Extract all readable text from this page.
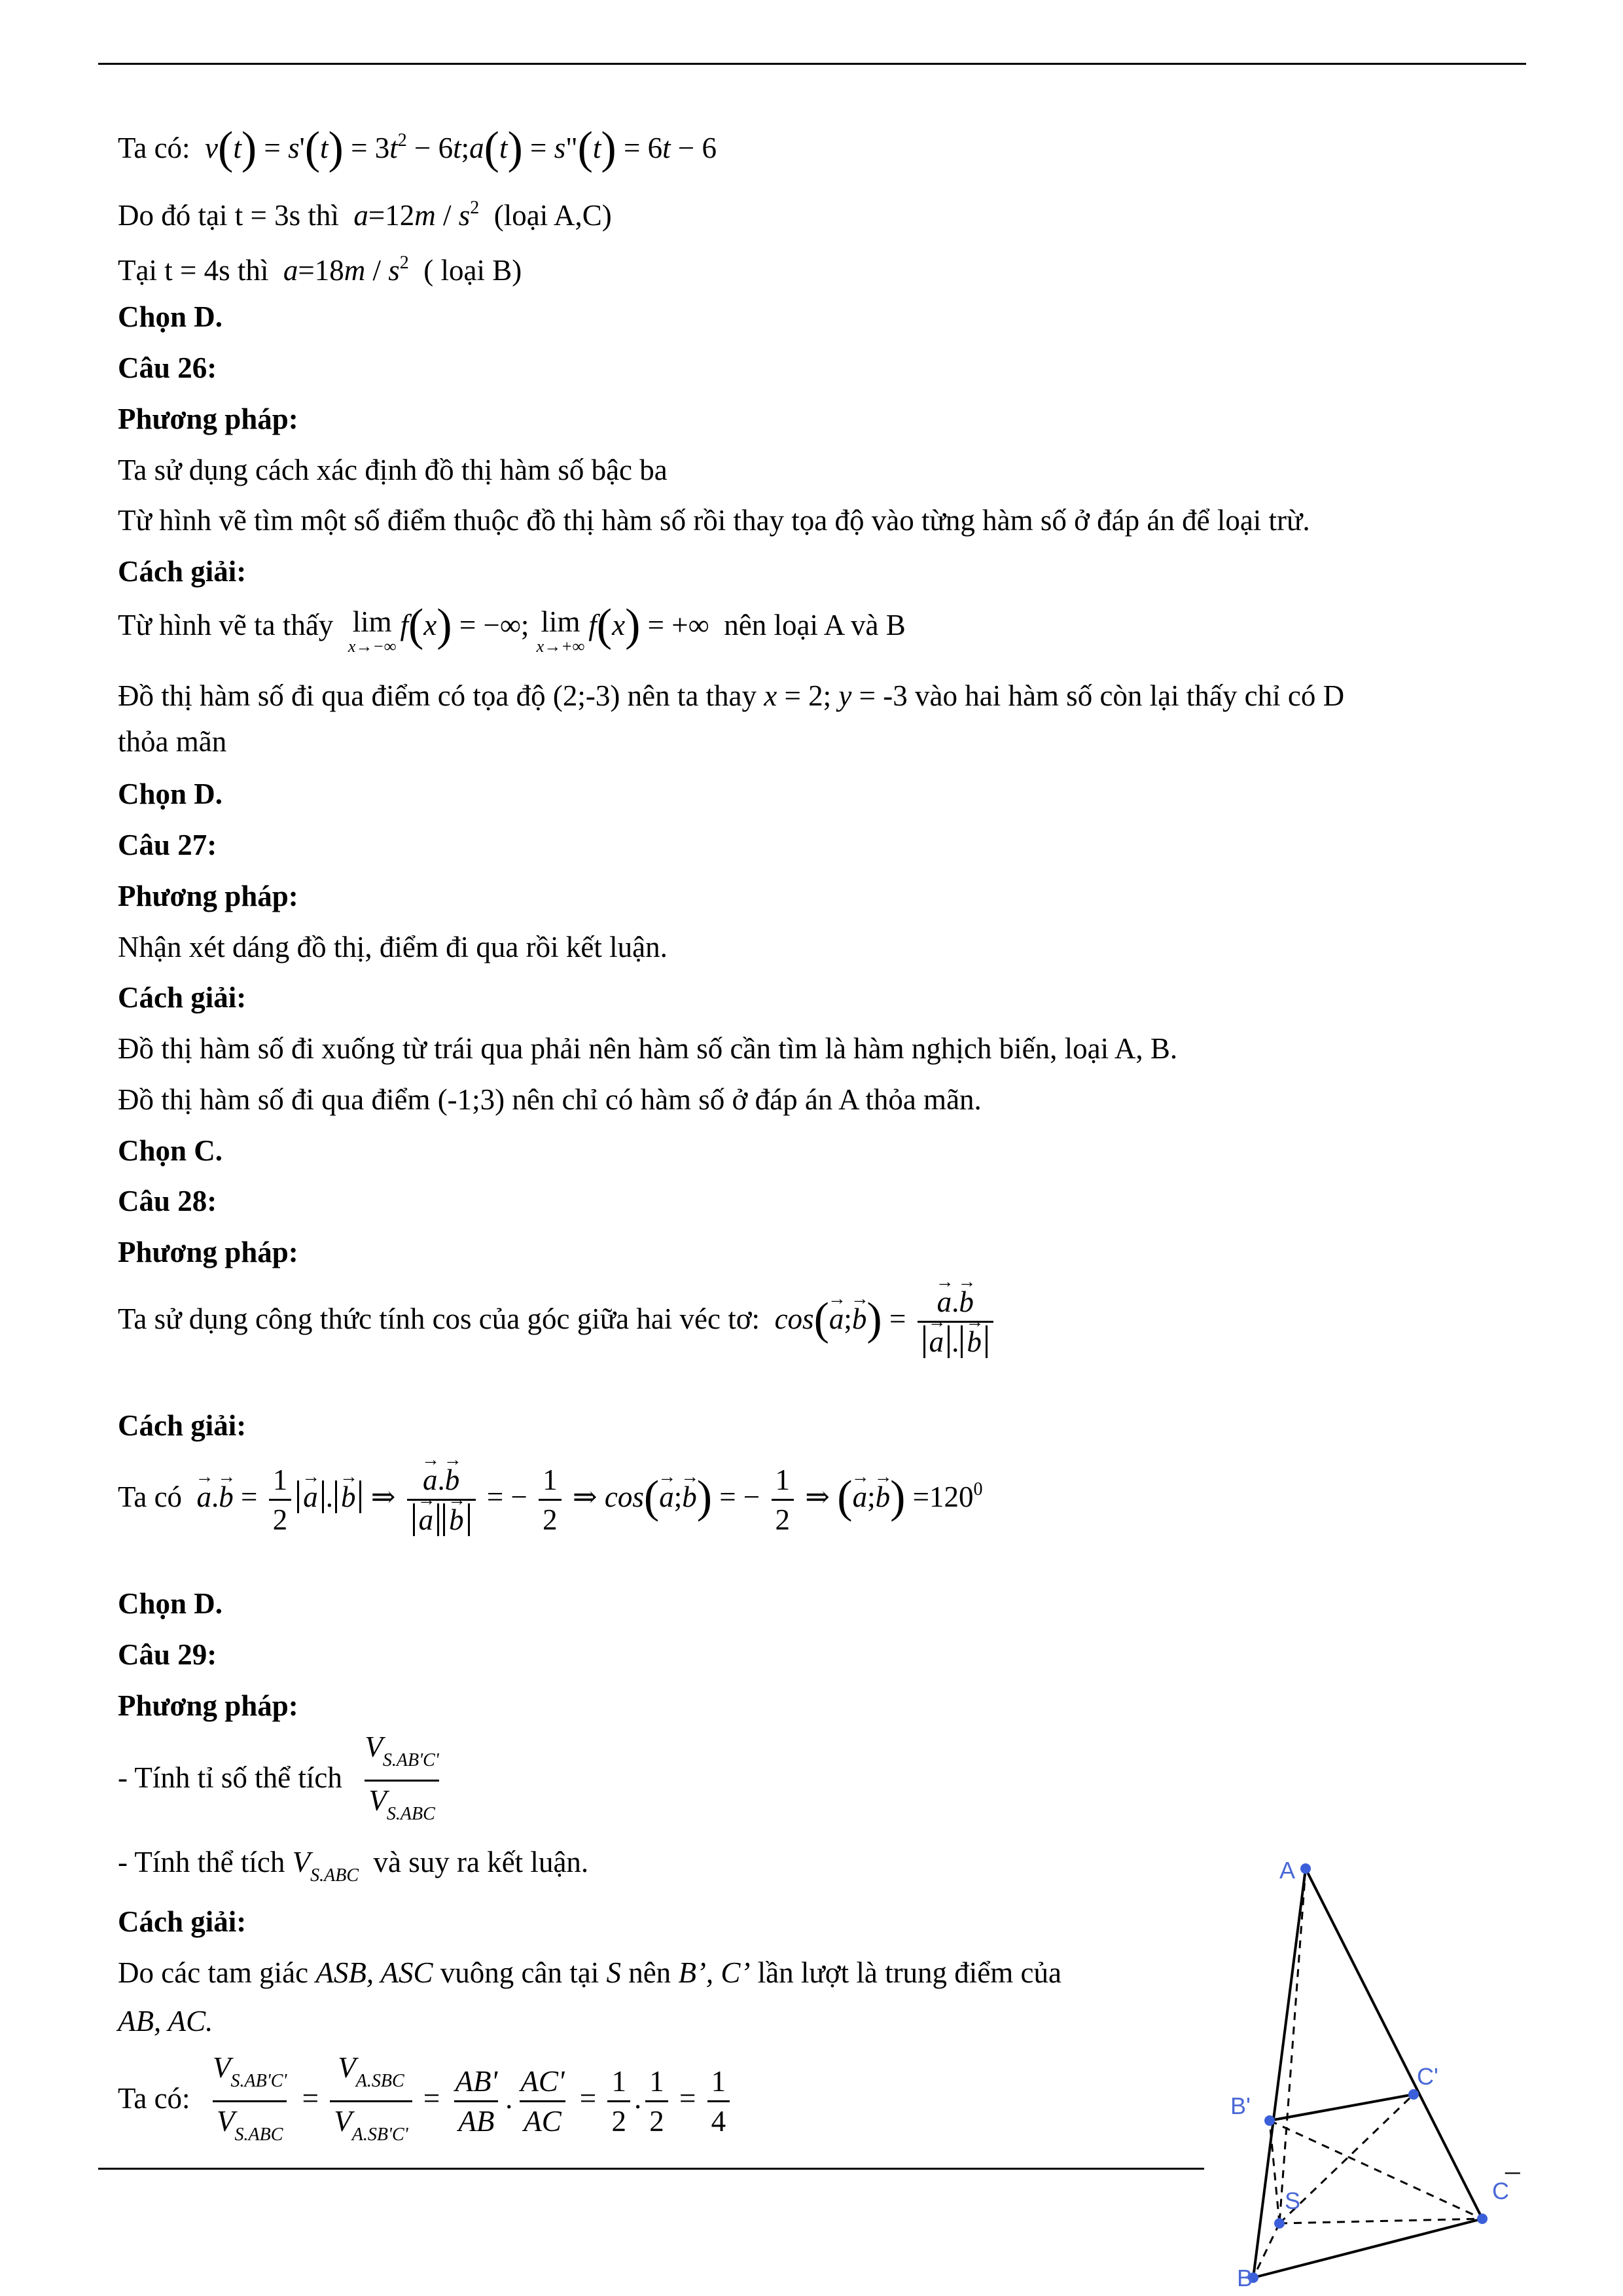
Ta có: $v(t) = s'(t) = 3t^2$ − 6t;a(t) = s"(t) = 6t − 6
Do đó tại t = 3s thì $a=12m / s^2$ (loại A,C)
Tại t = 4s thì $a=18m / s^2$ ( loại B)
Chọn D.
Câu 26:
Phương pháp:
Ta sử dụng cách xác định đồ thị hàm số bậc ba
Từ hình vẽ tìm một số điểm thuộc đồ thị hàm số rồi thay tọa độ vào từng hàm số ở đáp án để loại trừ.
Cách giải:
Từ hình vẽ ta thấy lim
x→−∞
f(x) = −∞; lim
x→+∞
f(x) = +∞ nên loại A và B
Đồ thị hàm số đi qua điểm có tọa độ (2;-3) nên ta thay x = 2; y = -3 vào hai hàm số còn lại thấy chỉ có D
thỏa mãn
Chọn D.
Câu 27:
Phương pháp:
Nhận xét dáng đồ thị, điểm đi qua rồi kết luận.
Cách giải:
Đồ thị hàm số đi xuống từ trái qua phải nên hàm số cần tìm là hàm nghịch biến, loại A, B.
Đồ thị hàm số đi qua điểm (-1;3) nên chỉ có hàm số ở đáp án A thỏa mãn.
Chọn C.
Câu 28:
Phương pháp:
Ta sử dụng công thức tính cos của góc giữa hai véc tơ: cos(→ a;→ b) =
→ a.→ b
→ a .→ b
Cách giải:
Ta có  → $a.\to b = \frac{1}{2}$
→ a .→ b ⇒
→ a.→ b
→ a→ b = − $\frac{1}{2}$ ⇒ cos(→ a;→ b) = − $\frac{1}{2}$ ⇒ (→ a;→ $b) =120^0$
Chọn D.
Câu 29:
Phương pháp:
- Tính tỉ số thể tích $\frac{V_{S.AB'C'}}{V_{S.ABC}}$
- Tính thể tích $V_{S.ABC}$ và suy ra kết luận.
Cách giải:
Do các tam giác ASB, ASC vuông cân tại S nên B’, C’ lần lượt là trung điểm của
AB, AC.
Ta có: $\frac{V_{S.AB'C'}}{V_{S.ABC}} = \frac{V_{A.SBC}}{V_{A.SB'C'}} = \frac{AB'}{AB}$ . $\frac{AC'}{AC} = \frac{1}{2}$ . $\frac{1}{2} = \frac{1}{4}$
–
A
B
C
S
B'
C'
